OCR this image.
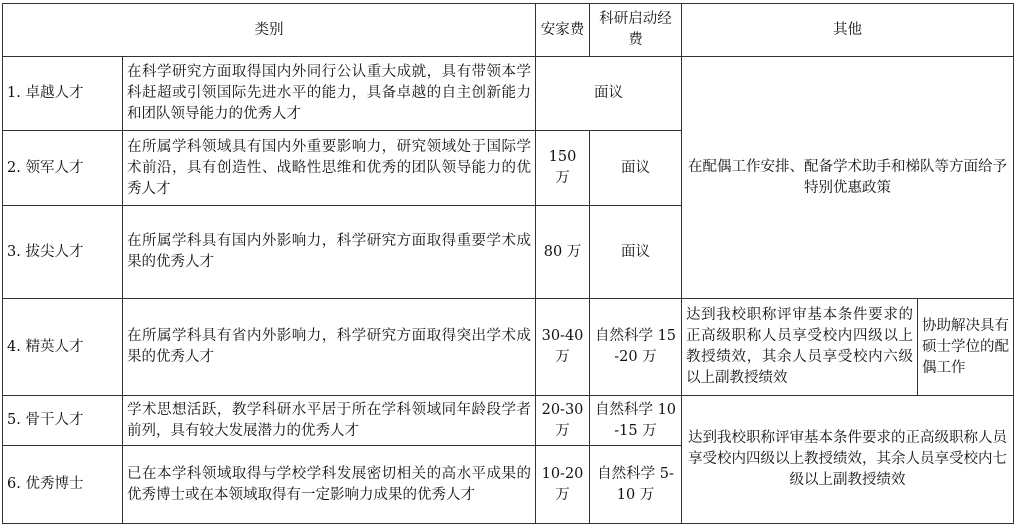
类别		安家费	科研启动经费	其他	
1. 卓越人才	在科学研究方面取得国内外同行公认重大成就，具有带领本学科赶超或引领国际先进水平的能力，具备卓越的自主创新能力和团队领导能力的优秀人才	面议		在配偶工作安排、配备学术助手和梯队等方面给予特别优惠政策	
2. 领军人才	在所属学科领域具有国内外重要影响力，研究领域处于国际学术前沿，具有创造性、战略性思维和优秀的团队领导能力的优秀人才	150 万	面议		
3. 拔尖人才	在所属学科具有国内外影响力，科学研究方面取得重要学术成果的优秀人才	80 万	面议		
4. 精英人才	在所属学科具有省内外影响力，科学研究方面取得突出学术成果的优秀人才	30-40万	自然科学 15-20 万	达到我校职称评审基本条件要求的正高级职称人员享受校内四级以上教授绩效，其余人员享受校内六级以上副教授绩效	协助解决具有硕士学位的配偶工作
5. 骨干人才	学术思想活跃，教学科研水平居于所在学科领域同年龄段学者前列，具有较大发展潜力的优秀人才	20-30万	自然科学 10-15 万	达到我校职称评审基本条件要求的正高级职称人员享受校内四级以上教授绩效，其余人员享受校内七级以上副教授绩效	
6. 优秀博士	已在本学科领域取得与学校学科发展密切相关的高水平成果的优秀博士或在本领域取得有一定影响力成果的优秀人才	10-20万	自然科学 5-10 万		
